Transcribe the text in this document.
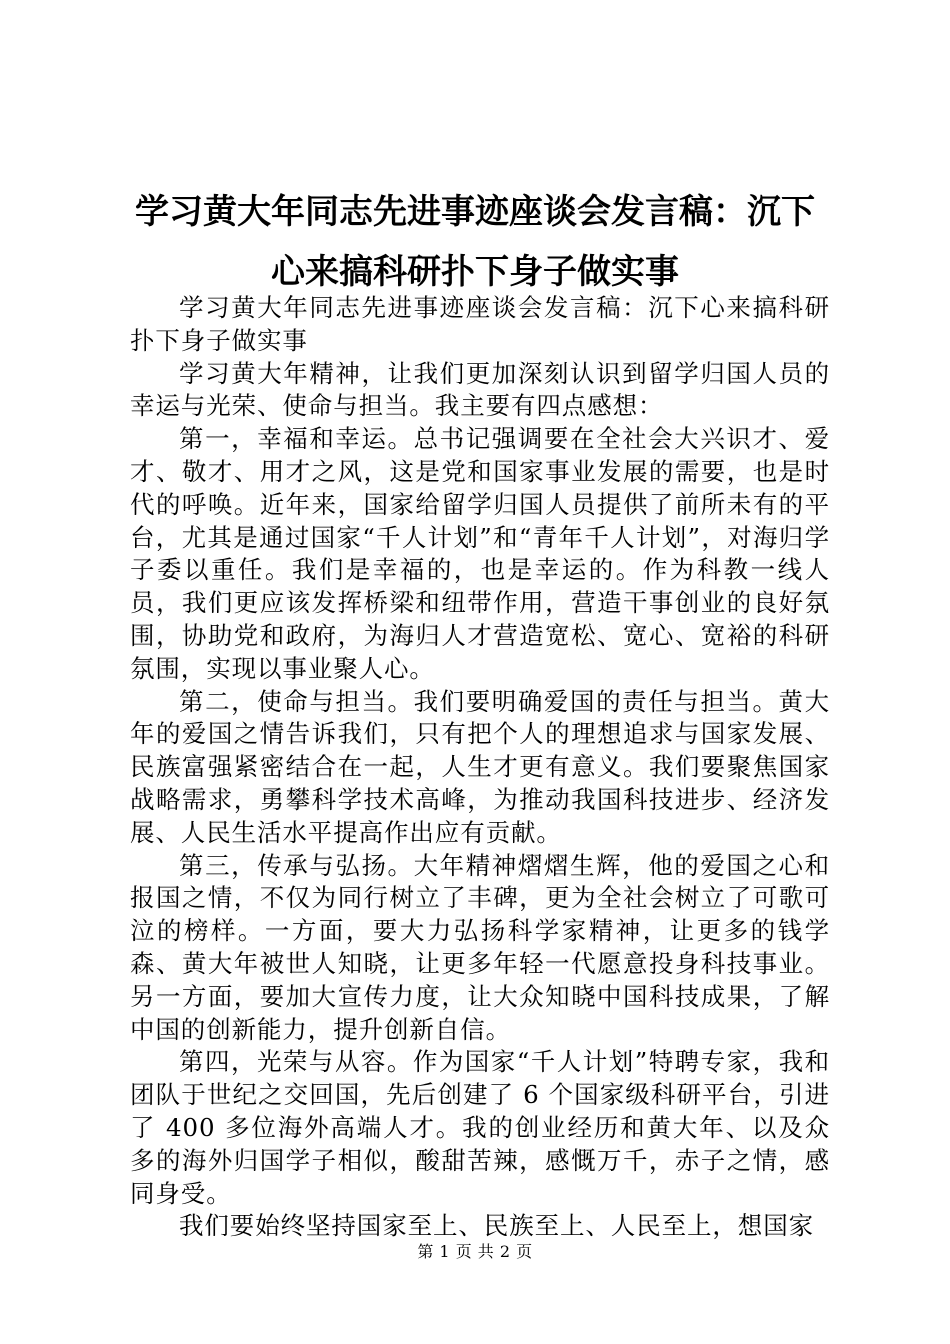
学习黄大年同志先进事迹座谈会发言稿：沉下心来搞科研扑下身子做实事

学习黄大年同志先进事迹座谈会发言稿：沉下心来搞科研扑下身子做实事

学习黄大年精神，让我们更加深刻认识到留学归国人员的幸运与光荣、使命与担当。我主要有四点感想：

第一，幸福和幸运。总书记强调要在全社会大兴识才、爱才、敬才、用才之风，这是党和国家事业发展的需要，也是时代的呼唤。近年来，国家给留学归国人员提供了前所未有的平台，尤其是通过国家“千人计划”和“青年千人计划”，对海归学子委以重任。我们是幸福的，也是幸运的。作为科教一线人员，我们更应该发挥桥梁和纽带作用，营造干事创业的良好氛围，协助党和政府，为海归人才营造宽松、宽心、宽裕的科研氛围，实现以事业聚人心。

第二，使命与担当。我们要明确爱国的责任与担当。黄大年的爱国之情告诉我们，只有把个人的理想追求与国家发展、民族富强紧密结合在一起，人生才更有意义。我们要聚焦国家战略需求，勇攀科学技术高峰，为推动我国科技进步、经济发展、人民生活水平提高作出应有贡献。

第三，传承与弘扬。大年精神熠熠生辉，他的爱国之心和报国之情，不仅为同行树立了丰碑，更为全社会树立了可歌可泣的榜样。一方面，要大力弘扬科学家精神，让更多的钱学森、黄大年被世人知晓，让更多年轻一代愿意投身科技事业。另一方面，要加大宣传力度，让大众知晓中国科技成果，了解中国的创新能力，提升创新自信。

第四，光荣与从容。作为国家“千人计划”特聘专家，我和团队于世纪之交回国，先后创建了 6 个国家级科研平台，引进了 400 多位海外高端人才。我的创业经历和黄大年、以及众多的海外归国学子相似，酸甜苦辣，感慨万千，赤子之情，感同身受。

我们要始终坚持国家至上、民族至上、人民至上，想国家

第 1 页 共 2 页
